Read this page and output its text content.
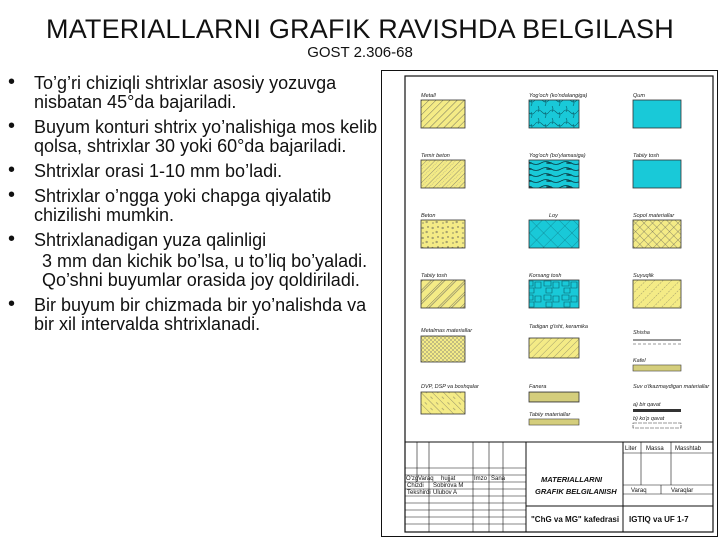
MATERIALLARNI GRAFIK RAVISHDA BELGILASH
GOST 2.306-68
• To’g’ri chiziqli shtrixlar asosiy yozuvga nisbatan 45°da bajariladi.
• Buyum konturi shtrix yo’nalishiga mos kelib qolsa, shtrixlar 30 yoki 60°da bajariladi.
• Shtrixlar orasi 1-10 mm bo’ladi.
• Shtrixlar o’ngga yoki chapga qiyalatib chizilishi mumkin.
• Shtrixlanadigan yuza qalinligi
3 mm dan kichik bo’lsa, u to’liq bo’yaladi. Qo’shni buyumlar orasida joy qoldiriladi.
• Bir buyum bir chizmada bir yo’nalishda va bir xil intervalda shtrixlanadi.
Metall	Yog'och (ko'ndalangiga)	Qum
Temir beton	Yog'och (bo'ylamasiga)	Tabiiy tosh
Beton	Loy	Sopol materiallar
Tabiiy tosh	Korsang tosh	Suyuqlik
Metalmas materiallar
Tadigan g'isht, keramika
Shisha
Kafel
DVP, DSP va boshqalar	Fanera
Tabiiy materiallar
Suv o'tkazmaydigan materiallar
a) bir qavat
b) ko'p qavat
O'zg Varaq hujjat	Imzo Sana
Chizdi Sobirova M
Tekshirdi Ulubov A
MATERIALLARNI
GRAFIK BELGILANISH
"ChG va MG" kafedrasi
Liter Massa Masshtab
Varaq	Varaqlar
IGTIQ va UF 1-7
